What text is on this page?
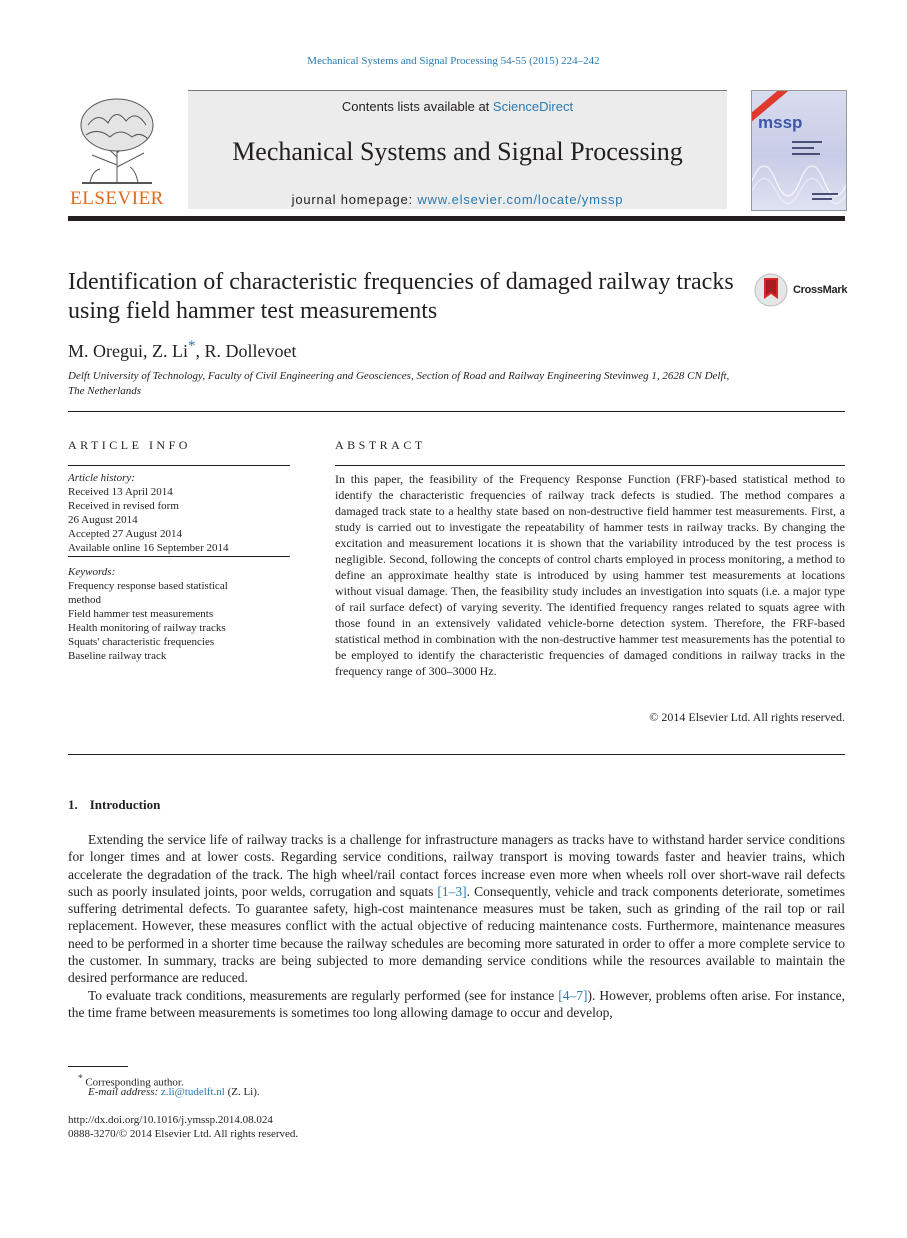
Mechanical Systems and Signal Processing 54-55 (2015) 224–242
ELSEVIER
Contents lists available at ScienceDirect
Mechanical Systems and Signal Processing
journal homepage: www.elsevier.com/locate/ymssp
mssp
Identification of characteristic frequencies of damaged railway tracks using field hammer test measurements
CrossMark
M. Oregui, Z. Li*, R. Dollevoet
Delft University of Technology, Faculty of Civil Engineering and Geosciences, Section of Road and Railway Engineering Stevinweg 1, 2628 CN Delft, The Netherlands
ARTICLE INFO	ABSTRACT
Article history:
Received 13 April 2014
Received in revised form
26 August 2014
Accepted 27 August 2014
Available online 16 September 2014
Keywords:
Frequency response based statistical
method
Field hammer test measurements
Health monitoring of railway tracks
Squats' characteristic frequencies
Baseline railway track
In this paper, the feasibility of the Frequency Response Function (FRF)-based statistical method to identify the characteristic frequencies of railway track defects is studied. The method compares a damaged track state to a healthy state based on non-destructive field hammer test measurements. First, a study is carried out to investigate the repeatability of hammer tests in railway tracks. By changing the excitation and measurement locations it is shown that the variability introduced by the test process is negligible. Second, following the concepts of control charts employed in process monitoring, a method to define an approximate healthy state is introduced by using hammer test measurements at locations without visual damage. Then, the feasibility study includes an investigation into squats (i.e. a major type of rail surface defect) of varying severity. The identified frequency ranges related to squats agree with those found in an extensively validated vehicle-borne detection system. Therefore, the FRF-based statistical method in combination with the non-destructive hammer test measurements has the potential to be employed to identify the characteristic frequencies of damaged conditions in railway tracks in the frequency range of 300–3000 Hz.
© 2014 Elsevier Ltd. All rights reserved.
1. Introduction

Extending the service life of railway tracks is a challenge for infrastructure managers as tracks have to withstand harder service conditions for longer times and at lower costs. Regarding service conditions, railway transport is moving towards faster and heavier trains, which accelerate the degradation of the track. The high wheel/rail contact forces increase even more when wheels roll over short-wave rail defects such as poorly insulated joints, poor welds, corrugation and squats [1–3]. Consequently, vehicle and track components deteriorate, sometimes suffering detrimental defects. To guarantee safety, high-cost maintenance measures must be taken, such as grinding of the rail top or rail replacement. However, these measures conflict with the actual objective of reducing maintenance costs. Furthermore, maintenance measures need to be performed in a shorter time because the railway schedules are becoming more saturated in order to offer a more complete service to the customer. In summary, tracks are being subjected to more demanding service conditions while the resources available to maintain the desired performance are reduced.

To evaluate track conditions, measurements are regularly performed (see for instance [4–7]). However, problems often arise. For instance, the time frame between measurements is sometimes too long allowing damage to occur and develop,

* Corresponding author.
E-mail address: z.li@tudelft.nl (Z. Li).
http://dx.doi.org/10.1016/j.ymssp.2014.08.024
0888-3270/© 2014 Elsevier Ltd. All rights reserved.
